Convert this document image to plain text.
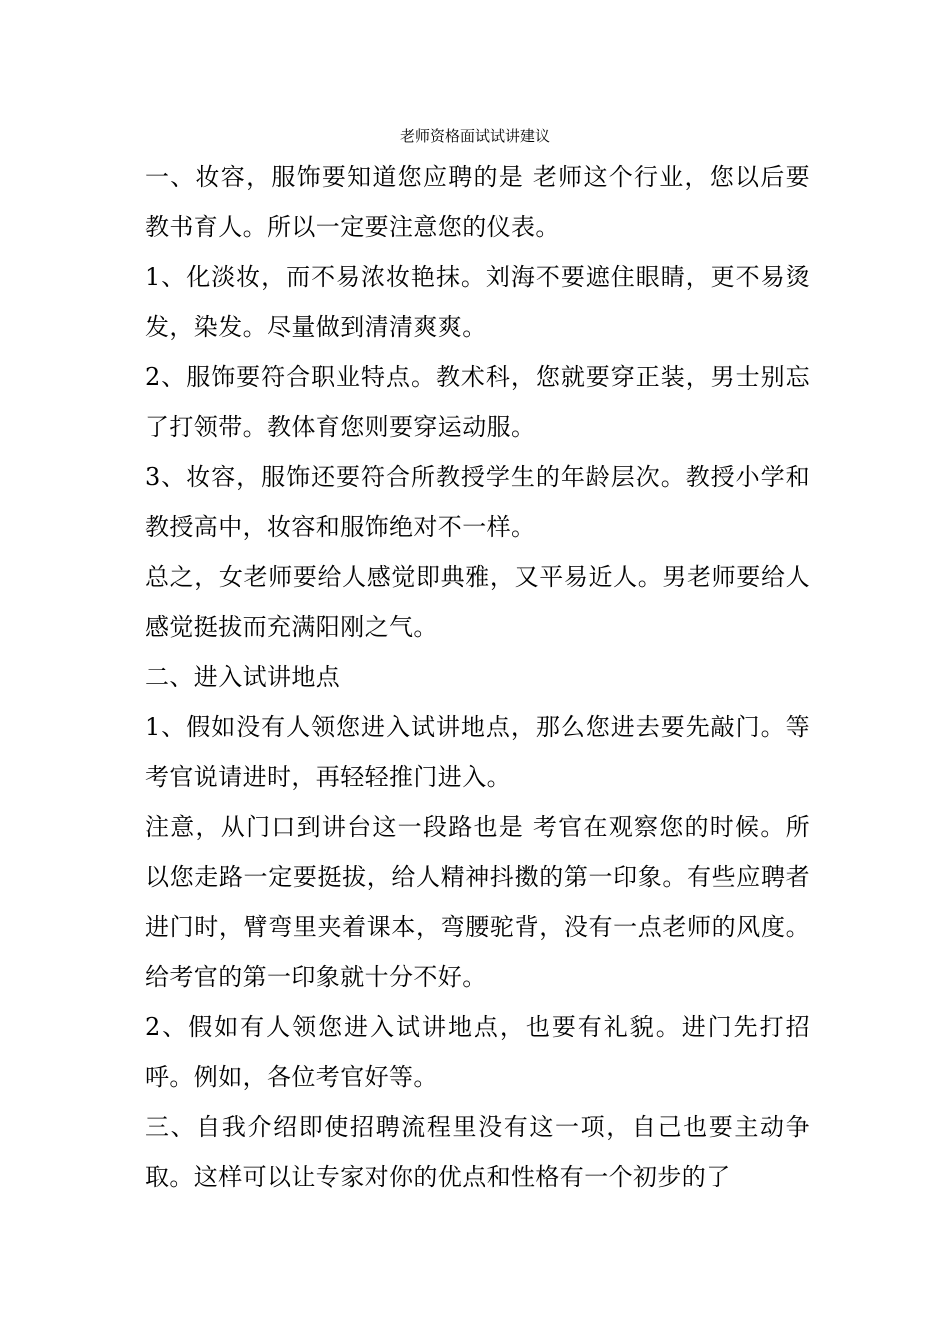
老师资格面试试讲建议

一、妆容，服饰要知道您应聘的是 老师这个行业，您以后要教书育人。所以一定要注意您的仪表。

1、化淡妆，而不易浓妆艳抹。刘海不要遮住眼睛，更不易烫发，染发。尽量做到清清爽爽。

2、服饰要符合职业特点。教术科，您就要穿正装，男士别忘了打领带。教体育您则要穿运动服。

3、妆容，服饰还要符合所教授学生的年龄层次。教授小学和教授高中，妆容和服饰绝对不一样。

总之，女老师要给人感觉即典雅，又平易近人。男老师要给人感觉挺拔而充满阳刚之气。

二、进入试讲地点

1、假如没有人领您进入试讲地点，那么您进去要先敲门。等考官说请进时，再轻轻推门进入。

注意，从门口到讲台这一段路也是 考官在观察您的时候。所以您走路一定要挺拔，给人精神抖擞的第一印象。有些应聘者进门时，臂弯里夹着课本，弯腰驼背，没有一点老师的风度。给考官的第一印象就十分不好。

2、假如有人领您进入试讲地点，也要有礼貌。进门先打招呼。例如，各位考官好等。

三、自我介绍即使招聘流程里没有这一项，自己也要主动争取。这样可以让专家对你的优点和性格有一个初步的了
